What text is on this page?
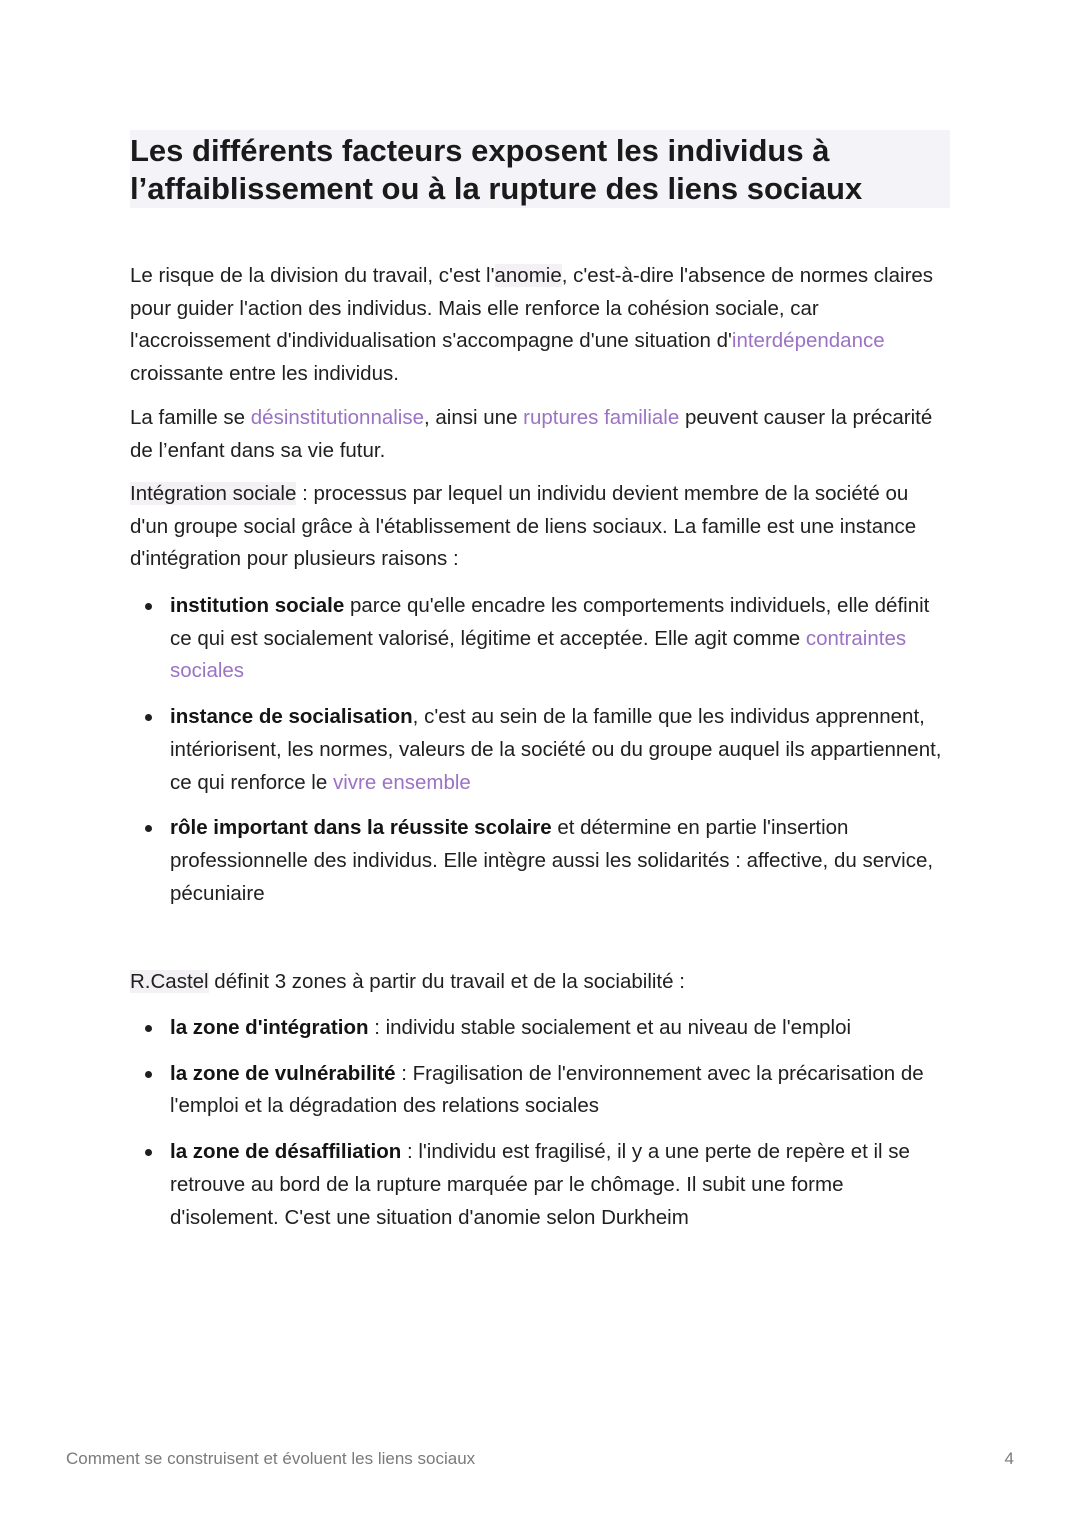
Les différents facteurs exposent les individus à l’affaiblissement ou à la rupture des liens sociaux

Le risque de la division du travail, c'est l'anomie, c'est-à-dire l'absence de normes claires pour guider l'action des individus. Mais elle renforce la cohésion sociale, car l'accroissement d'individualisation s'accompagne d'une situation d'interdépendance croissante entre les individus.

La famille se désinstitutionnalise, ainsi une ruptures familiale peuvent causer la précarité de l’enfant dans sa vie futur.

Intégration sociale : processus par lequel un individu devient membre de la société ou d'un groupe social grâce à l'établissement de liens sociaux. La famille est une instance d'intégration pour plusieurs raisons :

institution sociale parce qu'elle encadre les comportements individuels, elle définit ce qui est socialement valorisé, légitime et acceptée. Elle agit comme contraintes sociales
instance de socialisation, c'est au sein de la famille que les individus apprennent, intériorisent, les normes, valeurs de la société ou du groupe auquel ils appartiennent, ce qui renforce le vivre ensemble
rôle important dans la réussite scolaire et détermine en partie l'insertion professionnelle des individus. Elle intègre aussi les solidarités : affective, du service, pécuniaire

R.Castel définit 3 zones à partir du travail et de la sociabilité :

la zone d'intégration : individu stable socialement et au niveau de l'emploi
la zone de vulnérabilité : Fragilisation de l'environnement avec la précarisation de l'emploi et la dégradation des relations sociales
la zone de désaffiliation : l'individu est fragilisé, il y a une perte de repère et il se retrouve au bord de la rupture marquée par le chômage. Il subit une forme d'isolement. C'est une situation d'anomie selon Durkheim
Comment se construisent et évoluent les liens sociaux	4
